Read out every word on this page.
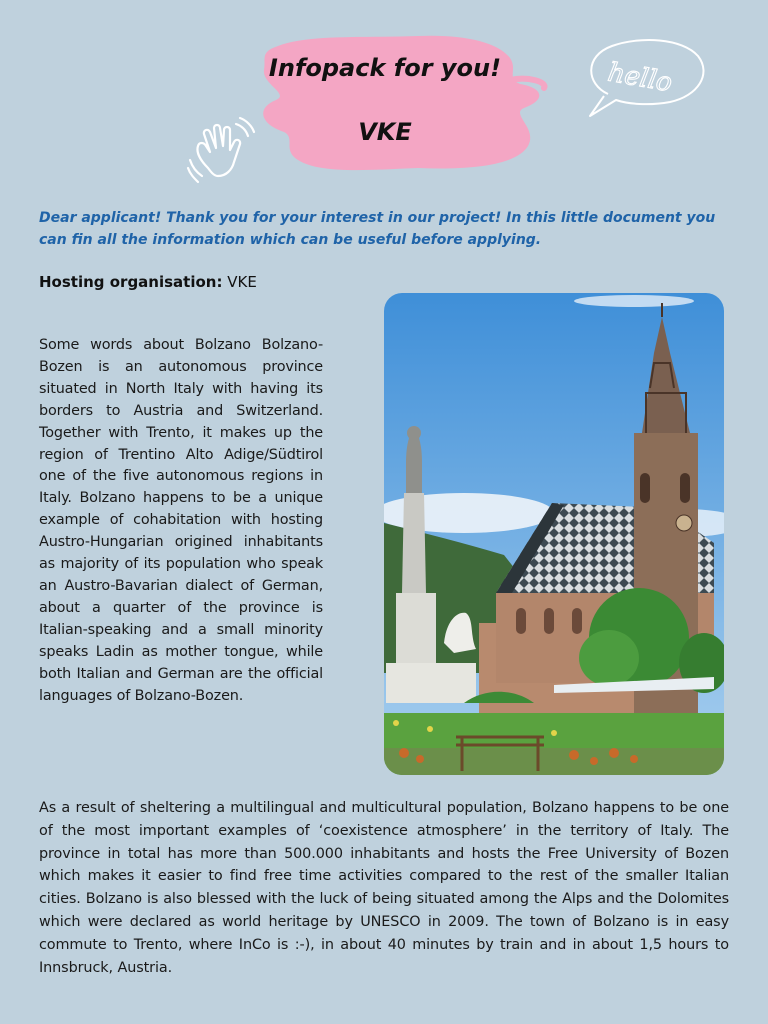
Infopack for you!
VKE
hello

Dear applicant! Thank you for your interest in our project! In this little document you can fin all the information which can be useful before applying.

Hosting organisation: VKE

Some words about Bolzano Bolzano-Bozen is an autonomous province situated in North Italy with having its borders to Austria and Switzerland. Together with Trento, it makes up the region of Trentino Alto Adige/Südtirol one of the five autonomous regions in Italy. Bolzano happens to be a unique example of cohabitation with hosting Austro-Hungarian origined inhabitants as majority of its population who speak an Austro-Bavarian dialect of German, about a quarter of the province is Italian-speaking and a small minority speaks Ladin as mother tongue, while both Italian and German are the official languages of Bolzano-Bozen.

As a result of sheltering a multilingual and multicultural population, Bolzano happens to be one of the most important examples of ‘coexistence atmosphere’ in the territory of Italy. The province in total has more than 500.000 inhabitants and hosts the Free University of Bozen which makes it easier to find free time activities compared to the rest of the smaller Italian cities. Bolzano is also blessed with the luck of being situated among the Alps and the Dolomites which were declared as world heritage by UNESCO in 2009. The town of Bolzano is in easy commute to Trento, where InCo is :-), in about 40 minutes by train and in about 1,5 hours to Innsbruck, Austria.
